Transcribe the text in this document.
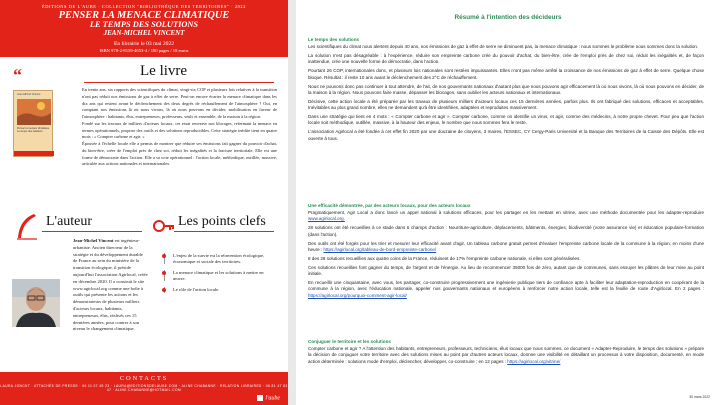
ÉDITIONS DE L'AUBE · COLLECTION "BIBLIOTHÈQUE DES TERRITOIRES" · 2022
PENSER LA MENACE CLIMATIQUE
LE TEMPS DES SOLUTIONS
JEAN-MICHEL VINCENT
En librairie le 03 mai 2022
ISBN 978-2-8159-4653-4 / 180 pages / 18 euros
“
Jean-Michel Vincent
Penser la menace climatique
Le temps des solutions
Le livre

En trente ans, six rapports des scientifiques du climat, vingt-six COP et plusieurs lois relatives à la transition n'ont pas réduit nos émissions de gaz à effet de serre. Peut-on encore écarter la menace climatique dans les dix ans qui restent avant le déclenchement des deux degrés de réchauffement de l'atmosphère ? Oui, en comptant nos émissions là où nous vivons, là où nous pouvons en décider, mobilisation en faveur de l'atmosphère : habitants, élus, entrepreneurs, professeurs, seuls et ensemble, de la maison à la région.

Fondé sur les travaux de milliers d'acteurs locaux, cet essai renverse nos blocages, refermant la menace en termes opérationnels, propose des outils et des solutions reproductibles. Cette stratégie inédite tient en quatre mots : « Compter carbone et agir. »

Épousée à l'échelle locale elle a permis de montrer que réduire ses émissions fait gagner du pouvoir d'achat, du bien-être, créer de l'emploi près de chez soi, réduit les inégalités et la fracture territoriale. Elle est une forme de démocratie dans l'action. Elle a sa voie opérationnel : l'action locale, méthodique, outillée, massive, articulée aux actions nationales et internationales.

L'auteur
Jean-Michel Vincent est ingénieur-urbaniste. Ancien directeur de la stratégie et du développement durable de France au sein du ministère de la transition écologique, il préside aujourd'hui l'association Agirlocal, créée en décembre 2020. Il a construit le site www.agirlocal.org comme une boîte à outils qui présente les actions et les démonstrateurs de plusieurs milliers d'acteurs locaux, habitants, entrepreneurs, élus, réalisés ces 15 dernières années, pour contrer à son niveau le changement climatique.
Les points clefs
L'enjeu de la survie est la réinvention écologique, économique et sociale des territoires.
La menace climatique et les solutions à mettre en œuvre.
Le rôle de l'action locale.
CONTACTS
LAURA JONCKT · ATTACHÉE DE PRESSE · 06 11 07 45 23 · LAURA@EDITIONSDELAUBE.COM · ALINE CHABANNE · RELATION LIBRAIRES · 06 81 47 83 47 · ALINE.CHABANNE@HOTMAIL.COM
l'aube
Résumé à l'intention des décideurs
Le temps des solutions

Les scientifiques du climat nous alertent depuis 40 ans, nos émissions de gaz à effet de serre ne diminuent pas, la menace climatique : nous sommes le problème nous sommes donc la solution.

La solution n'est pas désagréable : à l'expérience, réduire son empreinte carbone crée du pouvoir d'achat, du bien-être, crée de l'emploi près de chez soi, réduit les inégalités et, de façon inattendue, crée une nouvelle forme de démocratie, dans l'action.

Pourtant 26 COP, internationales donc, et plusieurs lois nationales sont restées impuissantes. Elles n'ont pas même arrêté la croissance de nos émissions de gaz à effet de serre. Quelque chose bloque. Résultat : il reste 10 ans avant le déclenchement des 2°C de réchauffement.

Nous ne pouvons donc pas continuer à tout attendre, de l'ait, de nos gouvernants nationaux d'autant plus que nous pouvons agir efficacement là où nous vivons, là où nous pouvons en décider, de la maison à la région. Nous pouvons faire masse, dépasser les blocages, sans oublier les acteurs nationaux et internationaux.

Décisive, cette action locale a été préparée par les travaux de plusieurs milliers d'acteurs locaux ces 15 dernières années, parfois plus. Ils ont fabriqué des solutions, efficaces et acceptables. Inévitables au plus grand nombre, elles ne demandent qu'à être identifiées, adaptées et reproduites massivement.

Dans une stratégie qui tient en 4 mots : « Compter carbone et agir ». Compter carbone, comme on identifie un virus, et agir, comme des médecins, à notre propre chevet. Pour peu que l'action locale soit méthodique, outillée, massive, à la hauteur des enjeux, le nombre que nous sommes fera le reste.

L'association Agirlocal a été fondée à cet effet fin 2020 par une douzaine de citoyens, 3 maires, l'ESSEC, CY Cergy-Paris Université et la Banque des Territoires de la Caisse des Dépôts. Elle est ouverte à tous.

Une efficacité démontrée, par des acteurs locaux, pour des acteurs locaux

Pragmatiquement, Agir Local a donc lancé un appel national à solutions efficaces, pour les partager en les mettant en vitrine, avec une méthode documentée pour les adapter-reproduire www.agirlocal.org.

28 solutions ont été recueillies à ce stade dans 6 champs d'action : Nourriture-agriculture, déplacements, bâtiments, énergies, biodiversité (votre assurance vie) et éducation populaire-formation (dans l'action).

Des outils ont été forgés pour les trier et mesurer leur efficacité avant d'agir. Un tableau carbone gratuit permet d'évaluer l'empreinte carbone locale de la commune à la région, en moins d'une heure : https://agirlocal.org/tableau-de-bord-empreinte-carbone/

8 des 28 solutions recueillies aux quatre coins de la France, réduisent de 17% l'empreinte carbone nationale, si elles sont généralisées.

Ces solutions recueillies font gagner du temps, de l'argent et de l'énergie. Au lieu de recommencer 35000 fois de zéro, autant que de communes, sans essuyer les plâtres de leur mise au point initiale.

En recueillir une cinquantaine, avec vous, les partager, co-construire progressivement une ingénierie publique tiers de confiance apte à faciliter leur adaptation-reproduction en coopérant de la commune à la région, avec l'éducation nationale, appeler nos gouvernants nationaux et européens à renforcer notre action locale, telle est la feuille de route d'Agirlocal. En 2 pages : https://agirlocal.org/pourquoi-comment-agir-local/

Conjuguer le territoire et les solutions

Compter carbone et agir ? A l'attention des habitants, entrepreneurs, professeurs, techniciens, élus locaux que nous sommes, ce document « Adapter-Reproduire, le temps des solutions » prépare la décision de conjuguer votre territoire avec des solutions mises au point par d'autres acteurs locaux, donnne une visibilité en détaillant un processus à votre disposition, documenté, en mode action déterminée : solutions mode d'emploi, déclencher, développer, co-construire ; en 12 pages : https://agirlocal.org/vitrine/

30 mars 2022
